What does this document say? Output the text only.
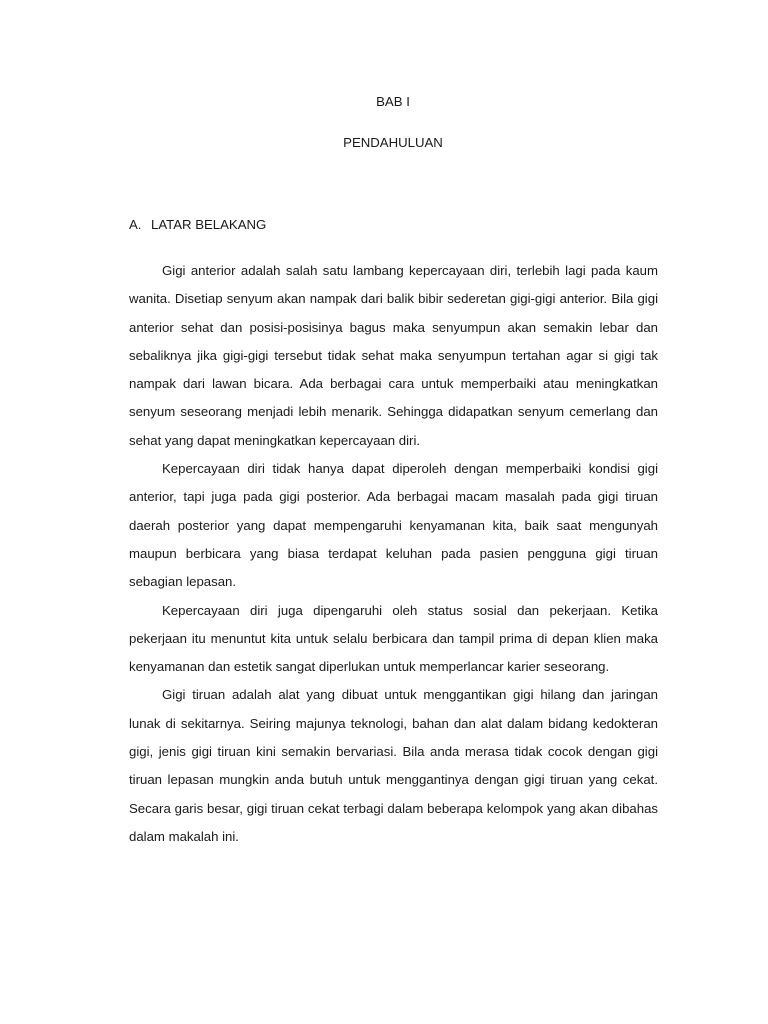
BAB I
PENDAHULUAN
A. LATAR BELAKANG

Gigi anterior adalah salah satu lambang kepercayaan diri, terlebih lagi pada kaum wanita. Disetiap senyum akan nampak dari balik bibir sederetan gigi-gigi anterior. Bila gigi anterior sehat dan posisi-posisinya bagus maka senyumpun akan semakin lebar dan sebaliknya jika gigi-gigi tersebut tidak sehat maka senyumpun tertahan agar si gigi tak nampak dari lawan bicara. Ada berbagai cara untuk memperbaiki atau meningkatkan senyum seseorang menjadi lebih menarik. Sehingga didapatkan senyum cemerlang dan sehat yang dapat meningkatkan kepercayaan diri.

Kepercayaan diri tidak hanya dapat diperoleh dengan memperbaiki kondisi gigi anterior, tapi juga pada gigi posterior. Ada berbagai macam masalah pada gigi tiruan daerah posterior yang dapat mempengaruhi kenyamanan kita, baik saat mengunyah maupun berbicara yang biasa terdapat keluhan pada pasien pengguna gigi tiruan sebagian lepasan.

Kepercayaan diri juga dipengaruhi oleh status sosial dan pekerjaan. Ketika pekerjaan itu menuntut kita untuk selalu berbicara dan tampil prima di depan klien maka kenyamanan dan estetik sangat diperlukan untuk memperlancar karier seseorang.

Gigi tiruan adalah alat yang dibuat untuk menggantikan gigi hilang dan jaringan lunak di sekitarnya. Seiring majunya teknologi, bahan dan alat dalam bidang kedokteran gigi, jenis gigi tiruan kini semakin bervariasi. Bila anda merasa tidak cocok dengan gigi tiruan lepasan mungkin anda butuh untuk menggantinya dengan gigi tiruan yang cekat. Secara garis besar, gigi tiruan cekat terbagi dalam beberapa kelompok yang akan dibahas dalam makalah ini.
